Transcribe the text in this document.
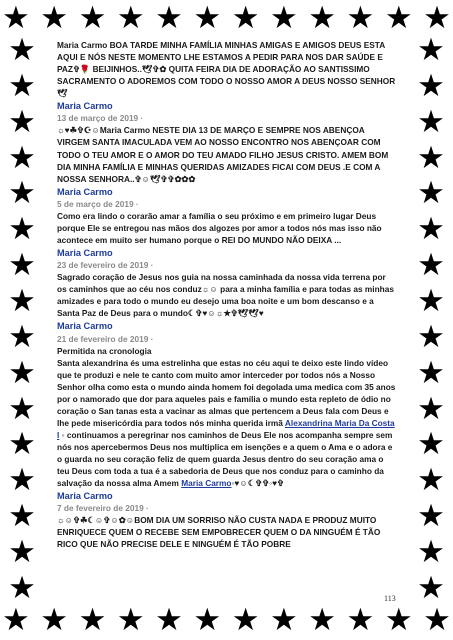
★ ★ ★ ★ ★ ★ ★ ★ ★ ★ ★ ★
★
★
★
★
★
★
★
★
★
★
★
★
★
★
★
★
★
★
★
★
★
★
★
★
★
★
★
★
★
★
★
★
★ ★ ★ ★ ★ ★ ★ ★ ★ ★ ★ ★

Maria Carmo BOA TARDE MINHA FAMÍLIA MINHAS AMIGAS E AMIGOS DEUS ESTA AQUI E NÓS NESTE MOMENTO LHE ESTAMOS A PEDIR PARA NOS DAR SAÚDE E PAZ✞🌹 BEIJINHOS..🕊✞✿ QUITA FEIRA DIA DE ADORAÇÃO AO SANTISSIMO SACRAMENTO O ADOREMOS COM TODO O NOSSO AMOR A DEUS NOSSO SENHOR 🕊

Maria Carmo
13 de março de 2019 ·

☼♥☘✞☪☺Maria Carmo NESTE DIA 13 DE MARÇO E SEMPRE NOS ABENÇOA VIRGEM SANTA IMACULADA VEM AO NOSSO ENCONTRO NOS ABENÇOAR COM TODO O TEU AMOR E O AMOR DO TEU AMADO FILHO JESUS CRISTO. AMEM BOM DIA MINHA FAMÍLIA E MINHAS QUERIDAS AMIZADES FICAI COM DEUS .E COM A NOSSA SENHORA..✞☺🕊✞✞✿✿✿

Maria Carmo
5 de março de 2019 ·

Como era lindo o corarão amar a família o seu próximo e em primeiro lugar Deus porque Ele se entregou nas mãos dos algozes por amor a todos nós mas isso não acontece em muito ser humano porque o REI DO MUNDO NÃO DEIXA ...

Maria Carmo
23 de fevereiro de 2019 ·

Sagrado coração de Jesus nos guia na nossa caminhada da nossa vida terrena por os caminhos que ao céu nos conduz☼☺ para a minha família e para todas as minhas amizades e para todo o mundo eu desejo uma boa noite e um bom descanso e a Santa Paz de Deus para o mundo☾✞♥☺☼★✞🕊🕊♥

Maria Carmo
21 de fevereiro de 2019 ·

Permitida na cronologia

Santa alexandrina és uma estrelinha que estas no céu aqui te deixo este lindo vídeo que te produzi e nele te canto com muito amor interceder por todos nós a Nosso Senhor olha como esta o mundo ainda homem foi degolada uma medica com 35 anos por o namorado que dor para aqueles pais e família o mundo esta repleto de ódio no coração o San tanas esta a vacinar as almas que pertencem a Deus fala com Deus e lhe pede misericórdia para todos nós minha querida irmã Alexandrina Maria Da Costa I ◦ continuamos a peregrinar nos caminhos de Deus Ele nos acompanha sempre sem nós nos apercebermos Deus nos multiplica em isenções e a quem o Ama e o adora e o guarda no seu coração feliz de quem guarda Jesus dentro do seu coração ama o teu Deus com toda a tua é a sabedoria de Deus que nos conduz para o caminho da salvação da nossa alma Amem Maria Carmo◦♥☺☾✞✞◦♥✞

Maria Carmo
7 de fevereiro de 2019 ·

☼☺✞☘☾☺✞☺✿☺BOM DIA UM SORRISO NÃO CUSTA NADA E PRODUZ MUITO ENRIQUECE QUEM O RECEBE SEM EMPOBRECER QUEM O DA NINGUÉM É TÃO RICO QUE NÃO PRECISE DELE E NINGUÉM É TÃO POBRE

113
